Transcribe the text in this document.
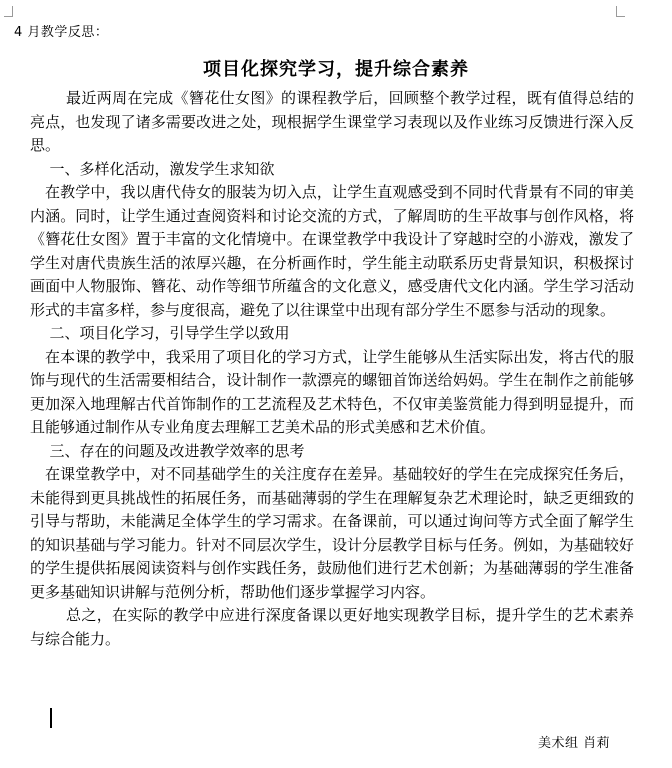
4 月教学反思：
项目化探究学习，提升综合素养

最近两周在完成《簪花仕女图》的课程教学后，回顾整个教学过程，既有值得总结的亮点，也发现了诸多需要改进之处，现根据学生课堂学习表现以及作业练习反馈进行深入反思。

一、多样化活动，激发学生求知欲

在教学中，我以唐代侍女的服装为切入点，让学生直观感受到不同时代背景有不同的审美内涵。同时，让学生通过查阅资料和讨论交流的方式，了解周昉的生平故事与创作风格，将《簪花仕女图》置于丰富的文化情境中。在课堂教学中我设计了穿越时空的小游戏，激发了学生对唐代贵族生活的浓厚兴趣，在分析画作时，学生能主动联系历史背景知识，积极探讨画面中人物服饰、簪花、动作等细节所蕴含的文化意义，感受唐代文化内涵。学生学习活动形式的丰富多样，参与度很高，避免了以往课堂中出现有部分学生不愿参与活动的现象。

二、项目化学习，引导学生学以致用

在本课的教学中，我采用了项目化的学习方式，让学生能够从生活实际出发，将古代的服饰与现代的生活需要相结合，设计制作一款漂亮的螺钿首饰送给妈妈。学生在制作之前能够更加深入地理解古代首饰制作的工艺流程及艺术特色，不仅审美鉴赏能力得到明显提升，而且能够通过制作从专业角度去理解工艺美术品的形式美感和艺术价值。

三、存在的问题及改进教学效率的思考

在课堂教学中，对不同基础学生的关注度存在差异。基础较好的学生在完成探究任务后，未能得到更具挑战性的拓展任务，而基础薄弱的学生在理解复杂艺术理论时，缺乏更细致的引导与帮助，未能满足全体学生的学习需求。在备课前，可以通过询问等方式全面了解学生的知识基础与学习能力。针对不同层次学生，设计分层教学目标与任务。例如，为基础较好的学生提供拓展阅读资料与创作实践任务，鼓励他们进行艺术创新；为基础薄弱的学生准备更多基础知识讲解与范例分析，帮助他们逐步掌握学习内容。

总之，在实际的教学中应进行深度备课以更好地实现教学目标，提升学生的艺术素养与综合能力。

美术组 肖莉
